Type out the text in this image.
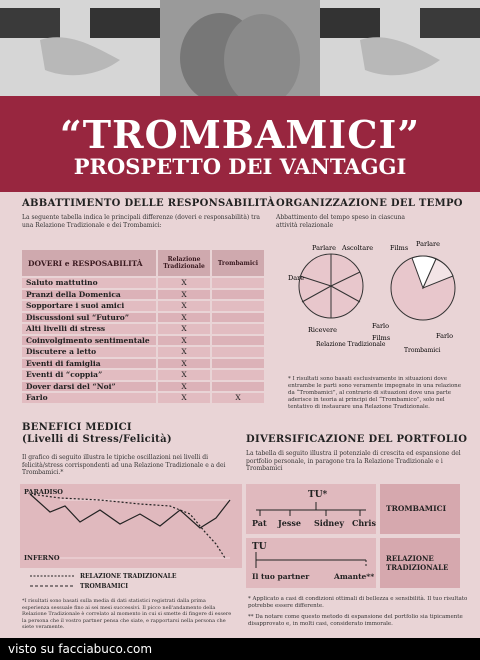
“TROMBAMICI”
PROSPETTO DEI VANTAGGI
ABBATTIMENTO DELLE RESPONSABILITÀ
La seguente tabella indica le principali differenze (doveri e responsabilità) tra una Relazione Tradizionale e dei Trombamici:
DOVERI e RESPOSABILITÀ	Relazione Tradizionale	Trombamici
Saluto mattutino	X	
Pranzi della Domenica	X	
Sopportare i suoi amici	X	
Discussioni sul “Futuro”	X	
Alti livelli di stress	X	
Coinvolgimento sentimentale	X	
Discutere a letto	X	
Eventi di famiglia	X	
Eventi di “coppia”	X	
Dover darsi del “Noi”	X	
Farlo	X	X
ORGANIZZAZIONE DEL TEMPO
Abbattimento del tempo speso in ciascuna attività relazionale
Parlare Ascoltare	Films
Dare
Ricevere	Farlo
Parlare
Films	Farlo
Relazione Tradizionale
Trombamici
* I risultati sono basati esclusivamente in situazioni dove entrambe le parti sono veramente impegnate in una relazione da “Trombamici”, al contrario di situazioni dove una parte aderisce in teoria ai principi del “Trombamico”, solo nel tentativo di instaurare una Relazione Tradizionale.
BENEFICI MEDICI
(Livelli di Stress/Felicità)
Il grafico di seguito illustra le tipiche oscillazioni nei livelli di felicità/stress corrispondenti ad una Relazione Tradizionale e a dei Trombamici.*
PARADISO
INFERNO
RELAZIONE TRADIZIONALE
TROMBAMICI
*I risultati sono basati sulla media di dati statistici registrati dalla prima esperienza sessuale fino ai sei mesi successivi. Il picco nell'andamento della Relazione Tradizionale è correlato al momento in cui si smette di fingere di essere la persona che il vostro partner pensa che siate, e rapportarsi nella persona che siete veramente.
DIVERSIFICAZIONE DEL PORTFOLIO
La tabella di seguito illustra il potenziale di crescita ed espansione del portfolio personale, in paragone tra la Relazione Tradizionale e i Trombamici
TU*
Pat Jesse Sidney Chris
TROMBAMICI
TU
Il tuo partner	Amante**
RELAZIONE TRADIZIONALE
* Applicato a casi di condizioni ottimali di bellezza e sensibilità. Il tuo risultato potrebbe essere differente.
** Da notare come questo metodo di espansione del portfolio sia tipicamente disapprovato e, in molti casi, considerato immorale.
visto su facciabuco.com
